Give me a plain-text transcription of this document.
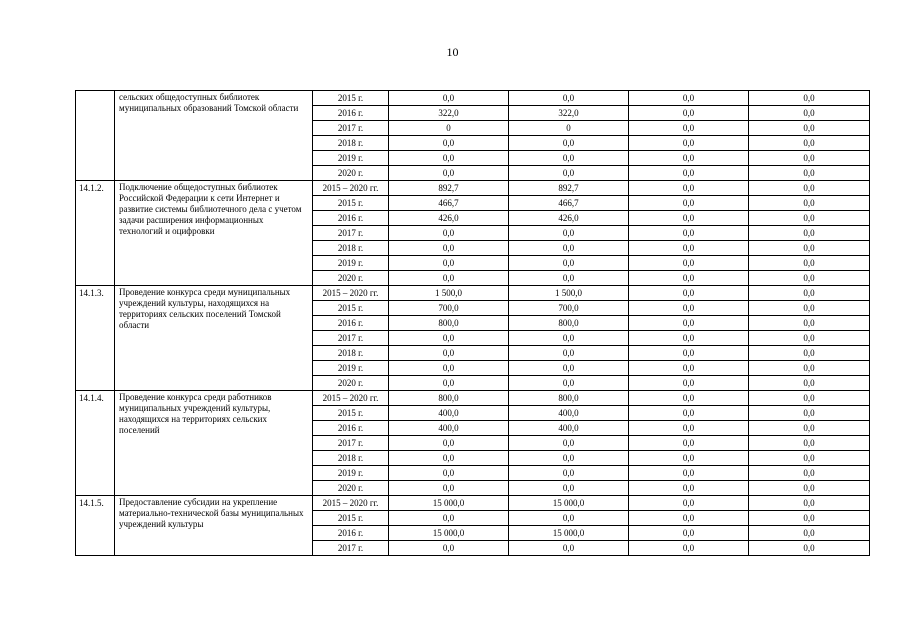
10
	сельских общедоступных библиотек муниципальных образований Томской области	2015 г.	0,0	0,0	0,0	0,0
		2016 г.	322,0	322,0	0,0	0,0
		2017 г.	0	0	0,0	0,0
		2018 г.	0,0	0,0	0,0	0,0
		2019 г.	0,0	0,0	0,0	0,0
		2020 г.	0,0	0,0	0,0	0,0
14.1.2.	Подключение общедоступных библиотек Российской Федерации к сети Интернет и развитие системы библиотечного дела с учетом задачи расширения информационных технологий и оцифровки	2015 – 2020 гг.	892,7	892,7	0,0	0,0
		2015 г.	466,7	466,7	0,0	0,0
		2016 г.	426,0	426,0	0,0	0,0
		2017 г.	0,0	0,0	0,0	0,0
		2018 г.	0,0	0,0	0,0	0,0
		2019 г.	0,0	0,0	0,0	0,0
		2020 г.	0,0	0,0	0,0	0,0
14.1.3.	Проведение конкурса среди муниципальных учреждений культуры, находящихся на территориях сельских поселений Томской области	2015 – 2020 гг.	1 500,0	1 500,0	0,0	0,0
		2015 г.	700,0	700,0	0,0	0,0
		2016 г.	800,0	800,0	0,0	0,0
		2017 г.	0,0	0,0	0,0	0,0
		2018 г.	0,0	0,0	0,0	0,0
		2019 г.	0,0	0,0	0,0	0,0
		2020 г.	0,0	0,0	0,0	0,0
14.1.4.	Проведение конкурса среди работников муниципальных учреждений культуры, находящихся на территориях сельских поселений	2015 – 2020 гг.	800,0	800,0	0,0	0,0
		2015 г.	400,0	400,0	0,0	0,0
		2016 г.	400,0	400,0	0,0	0,0
		2017 г.	0,0	0,0	0,0	0,0
		2018 г.	0,0	0,0	0,0	0,0
		2019 г.	0,0	0,0	0,0	0,0
		2020 г.	0,0	0,0	0,0	0,0
14.1.5.	Предоставление субсидии на укрепление материально-технической базы муниципальных учреждений культуры	2015 – 2020 гг.	15 000,0	15 000,0	0,0	0,0
		2015 г.	0,0	0,0	0,0	0,0
		2016 г.	15 000,0	15 000,0	0,0	0,0
		2017 г.	0,0	0,0	0,0	0,0
